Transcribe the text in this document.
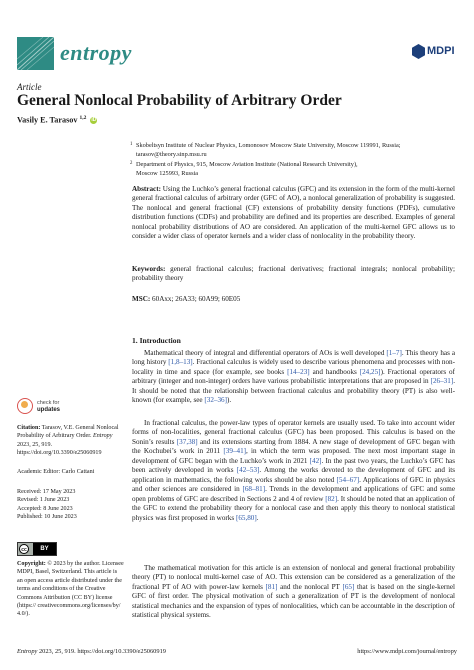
entropy	MDPI
Article
General Nonlocal Probability of Arbitrary Order
Vasily E. Tarasov $^{1,2}$ iD
1 Skobeltsyn Institute of Nuclear Physics, Lomonosov Moscow State University, Moscow 119991, Russia;
tarasov@theory.sinp.msu.ru
2 Department of Physics, 915, Moscow Aviation Institute (National Research University),
Moscow 125993, Russia

Abstract: Using the Luchko’s general fractional calculus (GFC) and its extension in the form of the multi-kernel general fractional calculus of arbitrary order (GFC of AO), a nonlocal generalization of probability is suggested. The nonlocal and general fractional (CF) extensions of probability density functions (PDFs), cumulative distribution functions (CDFs) and probability are defined and its properties are described. Examples of general nonlocal probability distributions of AO are considered. An application of the multi-kernel GFC allows us to consider a wider class of operator kernels and a wider class of nonlocality in the probability theory.

Keywords: general fractional calculus; fractional derivatives; fractional integrals; nonlocal probability; probability theory

MSC: 60Axx; 26A33; 60A99; 60E05

1. Introduction

Mathematical theory of integral and differential operators of AOs is well developed [1–7]. This theory has a long history [1,8–13]. Fractional calculus is widely used to describe various phenomena and processes with non-locality in time and space (for example, see books [14–23] and handbooks [24,25]). Fractional operators of arbitrary (integer and non-integer) orders have various probabilistic interpretations that are proposed in [26–31]. It should be noted that the relationship between fractional calculus and probability theory (PT) is also well-known (for example, see [32–36]).

In fractional calculus, the power-law types of operator kernels are usually used. To take into account wider forms of non-localities, general fractional calculus (GFC) has been proposed. This calculus is based on the Sonin’s results [37,38] and its extensions starting from 1884. A new stage of development of GFC began with the Kochubei’s work in 2011 [39–41], in which the term was proposed. The next most important stage in development of GFC began with the Luchko’s work in 2021 [42]. In the past two years, the Luchko’s GFC has been actively developed in works [42–53]. Among the works devoted to the development of GFC and its application in mathematics, the following works should be also noted [54–67]. Applications of GFC in physics and other sciences are considered in [68–81]. Trends in the development and applications of GFC and some open problems of GFC are described in Sections 2 and 4 of review [82]. It should be noted that an application of the GFC to extend the probability theory for a nonlocal case and then apply this theory to nonlocal statistical physics was first proposed in works [65,80].

The mathematical motivation for this article is an extension of nonlocal and general fractional probability theory (PT) to nonlocal multi-kernel case of AO. This extension can be considered as a generalization of the fractional PT of AO with power-law kernels [81] and the nonlocal PT [65] that is based on the single-kernel GFC of first order. The physical motivation of such a generalization of PT is the development of nonlocal statistical mechanics and the expansion of types of nonlocalities, which can be accountable in the description of statistical physical systems.

check for
updates
Citation: Tarasov, V.E. General Nonlocal Probability of Arbitrary Order. Entropy 2023, 25, 919. https://doi.org/10.3390/e25060919
Academic Editor: Carlo Cattani
Received: 17 May 2023
Revised: 1 June 2023
Accepted: 8 June 2023
Published: 10 June 2023
cc	BY
Copyright: © 2023 by the author. Licensee MDPI, Basel, Switzerland. This article is an open access article distributed under the terms and conditions of the Creative Commons Attribution (CC BY) license (https:// creativecommons.org/licenses/by/ 4.0/).
Entropy 2023, 25, 919. https://doi.org/10.3390/e25060919	https://www.mdpi.com/journal/entropy
